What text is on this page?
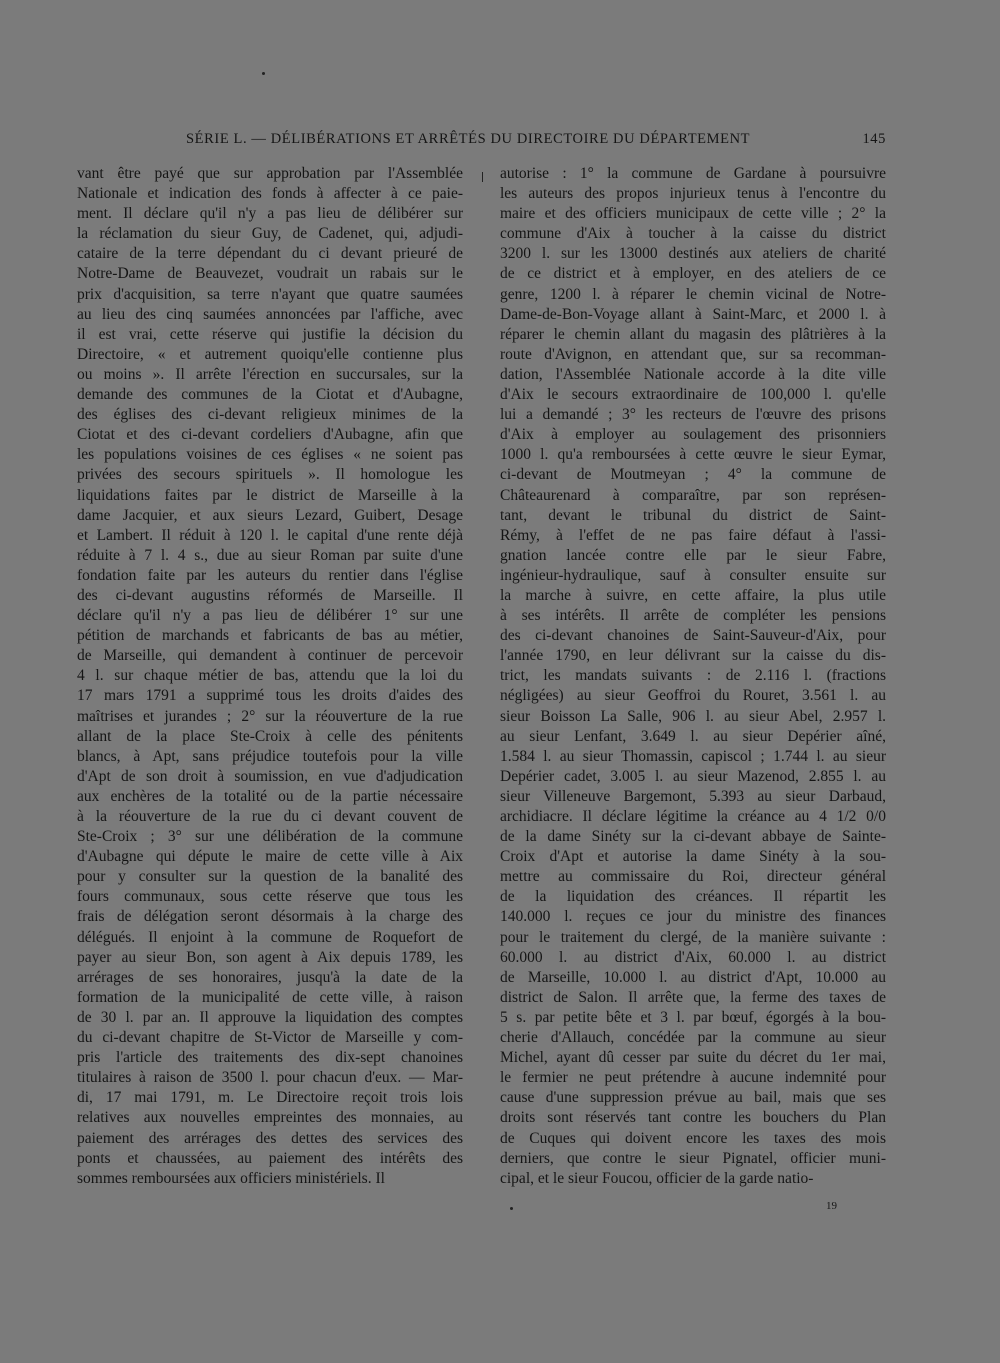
SÉRIE L. — DÉLIBÉRATIONS ET ARRÊTÉS DU DIRECTOIRE DU DÉPARTEMENT	145
vant être payé que sur approbation par l'Assemblée
Nationale et indication des fonds à affecter à ce paie-
ment. Il déclare qu'il n'y a pas lieu de délibérer sur
la réclamation du sieur Guy, de Cadenet, qui, adjudi-
cataire de la terre dépendant du ci devant prieuré de
Notre-Dame de Beauvezet, voudrait un rabais sur le
prix d'acquisition, sa terre n'ayant que quatre saumées
au lieu des cinq saumées annoncées par l'affiche, avec
il est vrai, cette réserve qui justifie la décision du
Directoire, « et autrement quoiqu'elle contienne plus
ou moins ». Il arrête l'érection en succursales, sur la
demande des communes de la Ciotat et d'Aubagne,
des églises des ci-devant religieux minimes de la
Ciotat et des ci-devant cordeliers d'Aubagne, afin que
les populations voisines de ces églises « ne soient pas
privées des secours spirituels ». Il homologue les
liquidations faites par le district de Marseille à la
dame Jacquier, et aux sieurs Lezard, Guibert, Desage
et Lambert. Il réduit à 120 l. le capital d'une rente déjà
réduite à 7 l. 4 s., due au sieur Roman par suite d'une
fondation faite par les auteurs du rentier dans l'église
des ci-devant augustins réformés de Marseille. Il
déclare qu'il n'y a pas lieu de délibérer 1° sur une
pétition de marchands et fabricants de bas au métier,
de Marseille, qui demandent à continuer de percevoir
4 l. sur chaque métier de bas, attendu que la loi du
17 mars 1791 a supprimé tous les droits d'aides des
maîtrises et jurandes ; 2° sur la réouverture de la rue
allant de la place Ste-Croix à celle des pénitents
blancs, à Apt, sans préjudice toutefois pour la ville
d'Apt de son droit à soumission, en vue d'adjudication
aux enchères de la totalité ou de la partie nécessaire
à la réouverture de la rue du ci devant couvent de
Ste-Croix ; 3° sur une délibération de la commune
d'Aubagne qui députe le maire de cette ville à Aix
pour y consulter sur la question de la banalité des
fours communaux, sous cette réserve que tous les
frais de délégation seront désormais à la charge des
délégués. Il enjoint à la commune de Roquefort de
payer au sieur Bon, son agent à Aix depuis 1789, les
arrérages de ses honoraires, jusqu'à la date de la
formation de la municipalité de cette ville, à raison
de 30 l. par an. Il approuve la liquidation des comptes
du ci-devant chapitre de St-Victor de Marseille y com-
pris l'article des traitements des dix-sept chanoines
titulaires à raison de 3500 l. pour chacun d'eux. — Mar-
di, 17 mai 1791, m. Le Directoire reçoit trois lois
relatives aux nouvelles empreintes des monnaies, au
paiement des arrérages des dettes des services des
ponts et chaussées, au paiement des intérêts des
sommes remboursées aux officiers ministériels. Il
autorise : 1° la commune de Gardane à poursuivre
les auteurs des propos injurieux tenus à l'encontre du
maire et des officiers municipaux de cette ville ; 2° la
commune d'Aix à toucher à la caisse du district
3200 l. sur les 13000 destinés aux ateliers de charité
de ce district et à employer, en des ateliers de ce
genre, 1200 l. à réparer le chemin vicinal de Notre-
Dame-de-Bon-Voyage allant à Saint-Marc, et 2000 l. à
réparer le chemin allant du magasin des plâtrières à la
route d'Avignon, en attendant que, sur sa recomman-
dation, l'Assemblée Nationale accorde à la dite ville
d'Aix le secours extraordinaire de 100,000 l. qu'elle
lui a demandé ; 3° les recteurs de l'œuvre des prisons
d'Aix à employer au soulagement des prisonniers
1000 l. qu'a remboursées à cette œuvre le sieur Eymar,
ci-devant de Moutmeyan ; 4° la commune de
Châteaurenard à comparaître, par son représen-
tant, devant le tribunal du district de Saint-
Rémy, à l'effet de ne pas faire défaut à l'assi-
gnation lancée contre elle par le sieur Fabre,
ingénieur-hydraulique, sauf à consulter ensuite sur
la marche à suivre, en cette affaire, la plus utile
à ses intérêts. Il arrête de compléter les pensions
des ci-devant chanoines de Saint-Sauveur-d'Aix, pour
l'année 1790, en leur délivrant sur la caisse du dis-
trict, les mandats suivants : de 2.116 l. (fractions
négligées) au sieur Geoffroi du Rouret, 3.561 l. au
sieur Boisson La Salle, 906 l. au sieur Abel, 2.957 l.
au sieur Lenfant, 3.649 l. au sieur Depérier aîné,
1.584 l. au sieur Thomassin, capiscol ; 1.744 l. au sieur
Depérier cadet, 3.005 l. au sieur Mazenod, 2.855 l. au
sieur Villeneuve Bargemont, 5.393 au sieur Darbaud,
archidiacre. Il déclare légitime la créance au 4 1/2 0/0
de la dame Sinéty sur la ci-devant abbaye de Sainte-
Croix d'Apt et autorise la dame Sinéty à la sou-
mettre au commissaire du Roi, directeur général
de la liquidation des créances. Il répartit les
140.000 l. reçues ce jour du ministre des finances
pour le traitement du clergé, de la manière suivante :
60.000 l. au district d'Aix, 60.000 l. au district
de Marseille, 10.000 l. au district d'Apt, 10.000 au
district de Salon. Il arrête que, la ferme des taxes de
5 s. par petite bête et 3 l. par bœuf, égorgés à la bou-
cherie d'Allauch, concédée par la commune au sieur
Michel, ayant dû cesser par suite du décret du 1er mai,
le fermier ne peut prétendre à aucune indemnité pour
cause d'une suppression prévue au bail, mais que ses
droits sont réservés tant contre les bouchers du Plan
de Cuques qui doivent encore les taxes des mois
derniers, que contre le sieur Pignatel, officier muni-
cipal, et le sieur Foucou, officier de la garde natio-
19
